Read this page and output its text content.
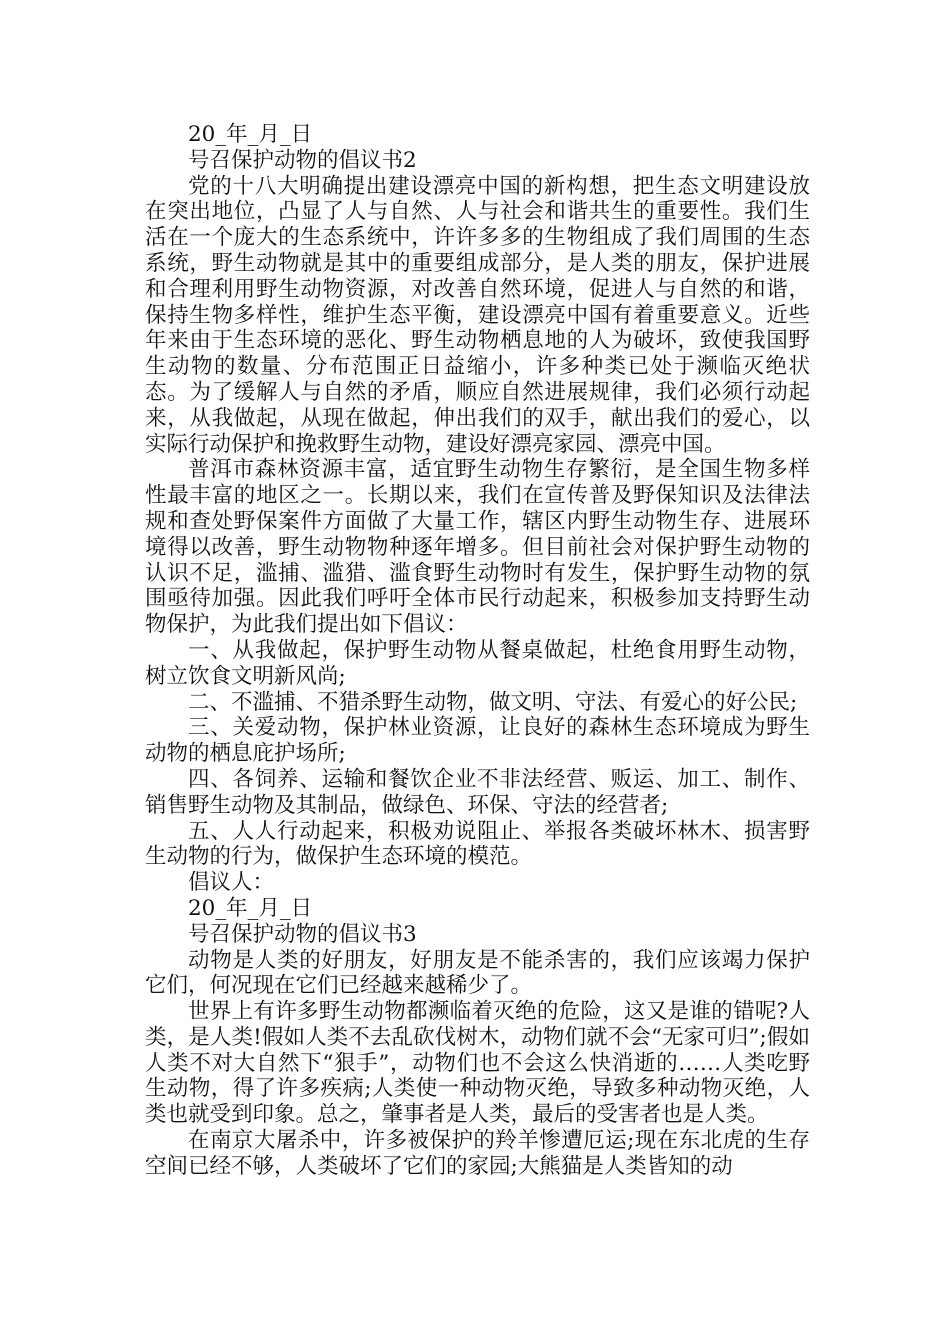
20_年_月_日

号召保护动物的倡议书2

党的十八大明确提出建设漂亮中国的新构想，把生态文明建设放在突出地位，凸显了人与自然、人与社会和谐共生的重要性。我们生活在一个庞大的生态系统中，许许多多的生物组成了我们周围的生态系统，野生动物就是其中的重要组成部分，是人类的朋友，保护进展和合理利用野生动物资源，对改善自然环境，促进人与自然的和谐，保持生物多样性，维护生态平衡，建设漂亮中国有着重要意义。近些年来由于生态环境的恶化、野生动物栖息地的人为破坏，致使我国野生动物的数量、分布范围正日益缩小，许多种类已处于濒临灭绝状态。为了缓解人与自然的矛盾，顺应自然进展规律，我们必须行动起来，从我做起，从现在做起，伸出我们的双手，献出我们的爱心，以实际行动保护和挽救野生动物，建设好漂亮家园、漂亮中国。

普洱市森林资源丰富，适宜野生动物生存繁衍，是全国生物多样性最丰富的地区之一。长期以来，我们在宣传普及野保知识及法律法规和查处野保案件方面做了大量工作，辖区内野生动物生存、进展环境得以改善，野生动物物种逐年增多。但目前社会对保护野生动物的认识不足，滥捕、滥猎、滥食野生动物时有发生，保护野生动物的氛围亟待加强。因此我们呼吁全体市民行动起来，积极参加支持野生动物保护，为此我们提出如下倡议：

一、从我做起，保护野生动物从餐桌做起，杜绝食用野生动物，树立饮食文明新风尚;

二、不滥捕、不猎杀野生动物，做文明、守法、有爱心的好公民;

三、关爱动物，保护林业资源，让良好的森林生态环境成为野生动物的栖息庇护场所;

四、各饲养、运输和餐饮企业不非法经营、贩运、加工、制作、销售野生动物及其制品，做绿色、环保、守法的经营者;

五、人人行动起来，积极劝说阻止、举报各类破坏林木、损害野生动物的行为，做保护生态环境的模范。

倡议人：

20_年_月_日

号召保护动物的倡议书3

动物是人类的好朋友，好朋友是不能杀害的，我们应该竭力保护它们，何况现在它们已经越来越稀少了。

世界上有许多野生动物都濒临着灭绝的危险，这又是谁的错呢?人类，是人类!假如人类不去乱砍伐树木，动物们就不会“无家可归”;假如人类不对大自然下“狠手”，动物们也不会这么快消逝的……人类吃野生动物，得了许多疾病;人类使一种动物灭绝，导致多种动物灭绝，人类也就受到印象。总之，肇事者是人类，最后的受害者也是人类。

在南京大屠杀中，许多被保护的羚羊惨遭厄运;现在东北虎的生存空间已经不够，人类破坏了它们的家园;大熊猫是人类皆知的动
